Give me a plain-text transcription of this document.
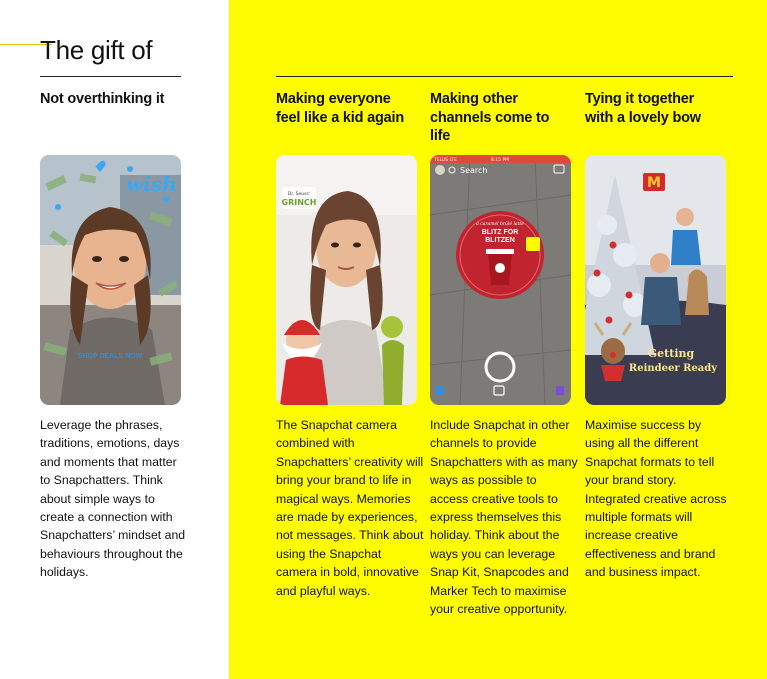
The gift of
Not overthinking it
wish
SHOP DEALS NOW

Leverage the phrases, traditions, emotions, days and moments that matter to Snapchatters. Think about simple ways to create a connection with Snapchatters’ mindset and behaviours throughout the holidays.

Making everyone feel like a kid again
Dr. Seuss'
GRINCH

The Snapchat camera combined with Snapchatters’ creativity will bring your brand to life in magical ways. Memories are made by experiences, not messages. Think about using the Snapchat camera in bold, innovative and playful ways.

Making other channels come to life
TELUS LTE	8:15 PM
Search
a caramel brûlé latte
BLITZ FOR
BLITZEN

Include Snapchat in other channels to provide Snapchatters with as many ways as possible to access creative tools to express themselves this holiday. Think about the ways you can leverage Snap Kit, Snapcodes and Marker Tech to maximise your creative opportunity.

Tying it together with a lovely bow
M
Getting
Reindeer Ready

Maximise success by using all the different Snapchat formats to tell your brand story. Integrated creative across multiple formats will increase creative effectiveness and brand and business impact.
